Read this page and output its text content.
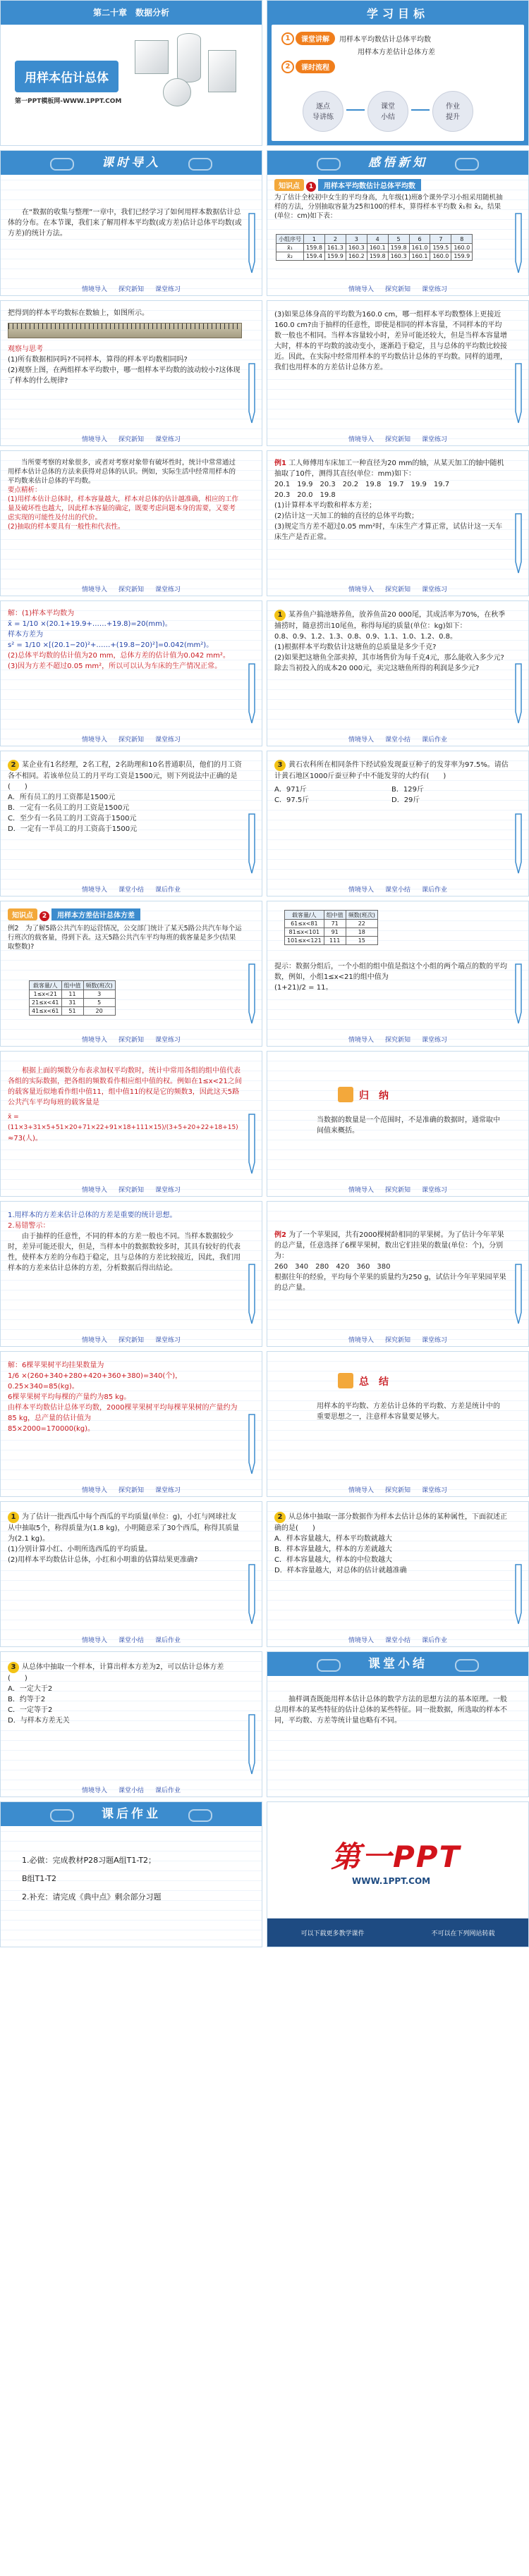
第二十章　数据分析
用样本估计总体
第一PPT模板网-WWW.1PPT.COM
学习目标
1	课堂讲解	用样本平均数估计总体平均数
用样本方差估计总体方差
2	课时流程
逐点
导讲练
课堂
小结
作业
提升
课时导入
在“数据的收集与整理”一章中，我们已经学习了如何用样本数据估计总体的分布。在本节课，我们来了解用样本平均数(或方差)估计总体平均数(或方差)的统计方法。
情境导入 探究新知 课堂练习
感悟新知
知识点 1 用样本平均数估计总体平均数
为了估计全校初中女生的平均身高，九年级(1)班8个课外学习小组采用随机抽样的方法，分别抽取容量为25和100的样本，算得样本平均数 x̄₁和 x̄₂，结果(单位：cm)如下表：
小组序号	1	2	3	4	5	6	7	8
x̄₁	159.8	161.3	160.3	160.1	159.8	161.0	159.5	160.0
x̄₂	159.4	159.9	160.2	159.8	160.3	160.1	160.0	159.9
情境导入 探究新知 课堂练习
把得到的样本平均数标在数轴上，如图所示。
观察与思考
(1)所有数据相同吗?不同样本，算得的样本平均数相同吗?
(2)观察上图，在两组样本平均数中，哪一组样本平均数的波动较小?这体现了样本的什么规律?
情境导入 探究新知 课堂练习
(3)如果总体身高的平均数为160.0 cm，哪一组样本平均数整体上更接近160.0 cm?由于抽样的任意性，即使是相同的样本容量，不同样本的平均数一般也不相同。当样本容量较小时，差异可能还较大，但是当样本容量增大时，样本的平均数的波动变小，逐渐趋于稳定，且与总体的平均数比较接近。因此，在实际中经常用样本的平均数估计总体的平均数。同样的道理，我们也用样本的方差估计总体方差。
情境导入 探究新知 课堂练习
当所要考察的对象很多，或者对考察对象带有破坏性时，统计中常常通过用样本估计总体的方法来获得对总体的认识。例如，实际生活中经常用样本的平均数来估计总体的平均数。
要点精析：
(1)用样本估计总体时，样本容量越大，样本对总体的估计越准确，相应的工作量及破坏性也越大，因此样本容量的确定，既要考虑问题本身的需要，又要考虑实现的可能性及付出的代价。
(2)抽取的样本要具有一般性和代表性。
情境导入 探究新知 课堂练习
例1 工人师傅用车床加工一种直径为20 mm的轴，从某天加工的轴中随机抽取了10件，测得其直径(单位：mm)如下：
20.1　19.9　20.3　20.2　19.8　19.7　19.9　19.7
20.3　20.0　19.8
(1)计算样本平均数和样本方差；
(2)估计这一天加工的轴的直径的总体平均数；
(3)规定当方差不超过0.05 mm²时，车床生产才算正常，试估计这一天车床生产是否正常。
情境导入 探究新知 课堂练习
解：(1)样本平均数为
x̄ = 1/10 ×(20.1+19.9+……+19.8)=20(mm)。
样本方差为
s² = 1/10 ×[(20.1−20)²+……+(19.8−20)²]=0.042(mm²)。
(2)总体平均数的估计值为20 mm，总体方差的估计值为0.042 mm²。
(3)因为方差不超过0.05 mm²，所以可以认为车床的生产情况正常。
情境导入 探究新知 课堂练习
1 某养鱼户搞池塘养鱼，放养鱼苗20 000尾，其成活率为70%，在秋季捕捞时，随意捞出10尾鱼，称得每尾的质量(单位：kg)如下：
0.8、0.9、1.2、1.3、0.8、0.9、1.1、1.0、1.2、0.8。
(1)根据样本平均数估计这塘鱼的总质量是多少千克?
(2)如果把这塘鱼全部卖掉，其市场售价为每千克4元，那么能收入多少元?除去当初投入的成本20 000元，卖完这塘鱼所得的利润是多少元?
情境导入 课堂小结 课后作业
2 某企业有1名经理，2名工程，2名助理和10名普通职员，他们的月工资各不相同。若该单位员工的月平均工资是1500元，则下列说法中正确的是(　　)
A．所有员工的月工资都是1500元
B．一定有一名员工的月工资是1500元
C．至少有一名员工的月工资高于1500元
D．一定有一半员工的月工资高于1500元
情境导入 课堂小结 课后作业
3 黄石农科所在相同条件下经试验发现蚕豆种子的发芽率为97.5%。请估计黄石地区1000斤蚕豆种子中不能发芽的大约有(　　)
A．971斤	B．129斤
C．97.5斤	D．29斤
情境导入 课堂小结 课后作业
知识点 2 用样本方差估计总体方差
例2　为了解5路公共汽车的运营情况，公交部门统计了某天5路公共汽车每个运行班次的载客量，得到下表。这天5路公共汽车平均每班的载客量是多少(结果取整数)?
载客量/人	组中值	频数(班次)
1≤x<21	11	3
21≤x<41	31	5
41≤x<61	51	20
情境导入 探究新知 课堂练习
载客量/人	组中值	频数(班次)
61≤x<81	71	22
81≤x<101	91	18
101≤x<121	111	15
提示：数据分组后，一个小组的组中值是指这个小组的两个端点的数的平均数，例如，小组1≤x<21的组中值为
(1+21)/2 = 11。
情境导入 探究新知 课堂练习
根据上面的频数分布表求加权平均数时，统计中常用各组的组中值代表各组的实际数据，把各组的频数看作相应组中值的权。例如在1≤x<21之间的载客量近似地看作组中值11，组中值11的权是它的频数3，因此这天5路公共汽车平均每班的载客量是
x̄ = (11×3+31×5+51×20+71×22+91×18+111×15)/(3+5+20+22+18+15)
≈73(人)。
情境导入 探究新知 课堂练习
归　纳
当数据的数量是一个范围时，不是准确的数据时，通常取中间值来概括。
情境导入 探究新知 课堂练习
1.用样本的方差来估计总体的方差是重要的统计思想。
2.易错警示：
由于抽样的任意性，不同的样本的方差一般也不同。当样本数据较少时，差异可能还很大，但是，当样本中的数据数较多时，其具有较好的代表性，使样本方差的分布趋于稳定，且与总体的方差比较接近，因此，我们用样本的方差来估计总体的方差，分析数据后得出结论。
情境导入 探究新知 课堂练习
例2 为了一个苹果园，共有2000棵树龄相同的苹果树。为了估计今年苹果的总产量，任意选择了6棵苹果树，数出它们挂果的数量(单位：个)，分别为：
260　340　280　420　360　380
根据往年的经验，平均每个苹果的质量约为250 g，试估计今年苹果园苹果的总产量。
情境导入 探究新知 课堂练习
解：6棵苹果树平均挂果数量为
1/6 ×(260+340+280+420+360+380)=340(个)，
0.25×340=85(kg)。
6棵苹果树平均每棵的产量约为85 kg。
由样本平均数估计总体平均数，2000棵苹果树平均每棵苹果树的产量约为85 kg，总产量的估计值为
85×2000=170000(kg)。
情境导入 探究新知 课堂练习
总　结
用样本的平均数、方差估计总体的平均数、方差是统计中的重要思想之一，注意样本容量要足够大。
情境导入 探究新知 课堂练习
1 为了估计一批西瓜中每个西瓜的平均质量(单位：g)，小红与网球社友从中抽取5个，称得质量为(1.8 kg)，小明随意采了30个西瓜，称得其质量为(2.1 kg)。
(1)分别计算小红、小明所选西瓜的平均质量。
(2)用样本平均数估计总体，小红和小明谁的估算结果更准确?
情境导入 课堂小结 课后作业
2 从总体中抽取一部分数据作为样本去估计总体的某种属性，下面叙述正确的是(　　)
A．样本容量越大，样本平均数就越大
B．样本容量越大，样本的方差就越大
C．样本容量越大，样本的中位数越大
D．样本容量越大，对总体的估计就越准确
情境导入 课堂小结 课后作业
3 从总体中抽取一个样本，计算出样本方差为2，可以估计总体方差(　　)
A．一定大于2
B．约等于2
C．一定等于2
D．与样本方差无关
情境导入 课堂小结 课后作业
课堂小结
抽样调查既能用样本估计总体的数学方法的思想方法的基本原理。一般总用样本的某些特征的估计总体的某些特征。同一批数据，所选取的样本不同，平均数、方差等统计量也略有不同。
课后作业
1.必做：完成教材P28习题A组T1-T2；
B组T1-T2
2.补充：请完成《典中点》剩余部分习题
第一PPT
WWW.1PPT.COM
可以下载更多教学课件	不可以在下列网站转载
